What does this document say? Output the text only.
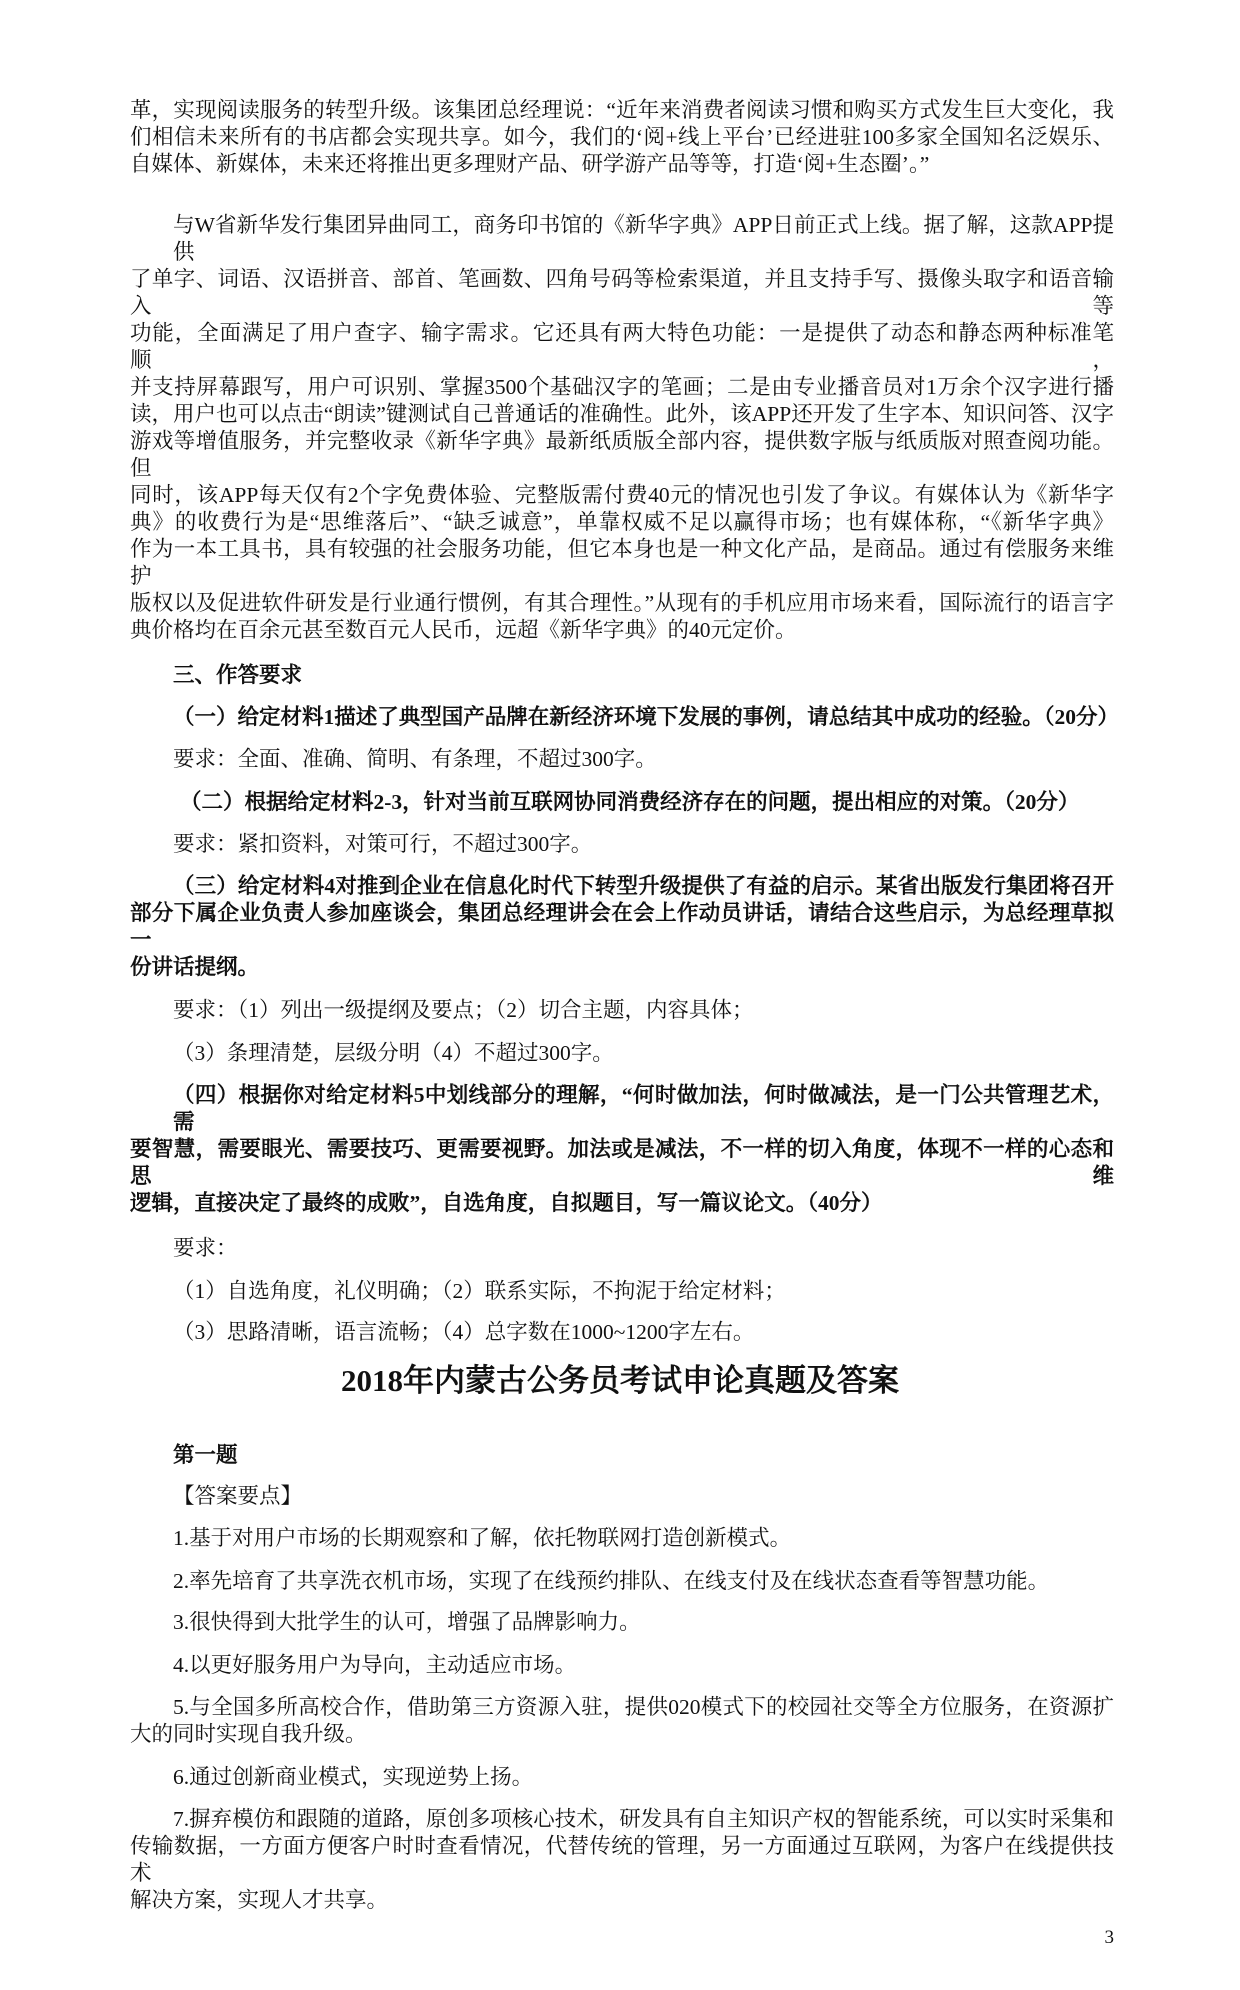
革，实现阅读服务的转型升级。该集团总经理说：“近年来消费者阅读习惯和购买方式发生巨大变化，我
们相信未来所有的书店都会实现共享。如今，我们的‘阅+线上平台’已经进驻100多家全国知名泛娱乐、
自媒体、新媒体，未来还将推出更多理财产品、研学游产品等等，打造‘阅+生态圈’。”
与W省新华发行集团异曲同工，商务印书馆的《新华字典》APP日前正式上线。据了解，这款APP提供
了单字、词语、汉语拼音、部首、笔画数、四角号码等检索渠道，并且支持手写、摄像头取字和语音输入等
功能，全面满足了用户查字、输字需求。它还具有两大特色功能：一是提供了动态和静态两种标准笔顺，
并支持屏幕跟写，用户可识别、掌握3500个基础汉字的笔画；二是由专业播音员对1万余个汉字进行播
读，用户也可以点击“朗读”键测试自己普通话的准确性。此外，该APP还开发了生字本、知识问答、汉字
游戏等增值服务，并完整收录《新华字典》最新纸质版全部内容，提供数字版与纸质版对照查阅功能。但
同时，该APP每天仅有2个字免费体验、完整版需付费40元的情况也引发了争议。有媒体认为《新华字
典》的收费行为是“思维落后”、“缺乏诚意”，单靠权威不足以赢得市场；也有媒体称，“《新华字典》
作为一本工具书，具有较强的社会服务功能，但它本身也是一种文化产品，是商品。通过有偿服务来维护
版权以及促进软件研发是行业通行惯例，有其合理性。”从现有的手机应用市场来看，国际流行的语言字
典价格均在百余元甚至数百元人民币，远超《新华字典》的40元定价。
三、作答要求
（一）给定材料1描述了典型国产品牌在新经济环境下发展的事例，请总结其中成功的经验。（20分）
要求：全面、准确、简明、有条理，不超过300字。
（二）根据给定材料2-3，针对当前互联网协同消费经济存在的问题，提出相应的对策。（20分）
要求：紧扣资料，对策可行，不超过300字。
（三）给定材料4对推到企业在信息化时代下转型升级提供了有益的启示。某省出版发行集团将召开
部分下属企业负责人参加座谈会，集团总经理讲会在会上作动员讲话，请结合这些启示，为总经理草拟一
份讲话提纲。
要求：（1）列出一级提纲及要点；（2）切合主题，内容具体；
（3）条理清楚，层级分明（4）不超过300字。
（四）根据你对给定材料5中划线部分的理解，“何时做加法，何时做减法，是一门公共管理艺术，需
要智慧，需要眼光、需要技巧、更需要视野。加法或是减法，不一样的切入角度，体现不一样的心态和思维
逻辑，直接决定了最终的成败”，自选角度，自拟题目，写一篇议论文。（40分）
要求：
（1）自选角度，礼仪明确；（2）联系实际，不拘泥于给定材料；
（3）思路清晰，语言流畅；（4）总字数在1000~1200字左右。
2018年内蒙古公务员考试申论真题及答案
第一题
【答案要点】
1.基于对用户市场的长期观察和了解，依托物联网打造创新模式。
2.率先培育了共享洗衣机市场，实现了在线预约排队、在线支付及在线状态查看等智慧功能。
3.很快得到大批学生的认可，增强了品牌影响力。
4.以更好服务用户为导向，主动适应市场。
5.与全国多所高校合作，借助第三方资源入驻，提供020模式下的校园社交等全方位服务，在资源扩
大的同时实现自我升级。
6.通过创新商业模式，实现逆势上扬。
7.摒弃模仿和跟随的道路，原创多项核心技术，研发具有自主知识产权的智能系统，可以实时采集和
传输数据，一方面方便客户时时查看情况，代替传统的管理，另一方面通过互联网，为客户在线提供技术
解决方案，实现人才共享。
3
